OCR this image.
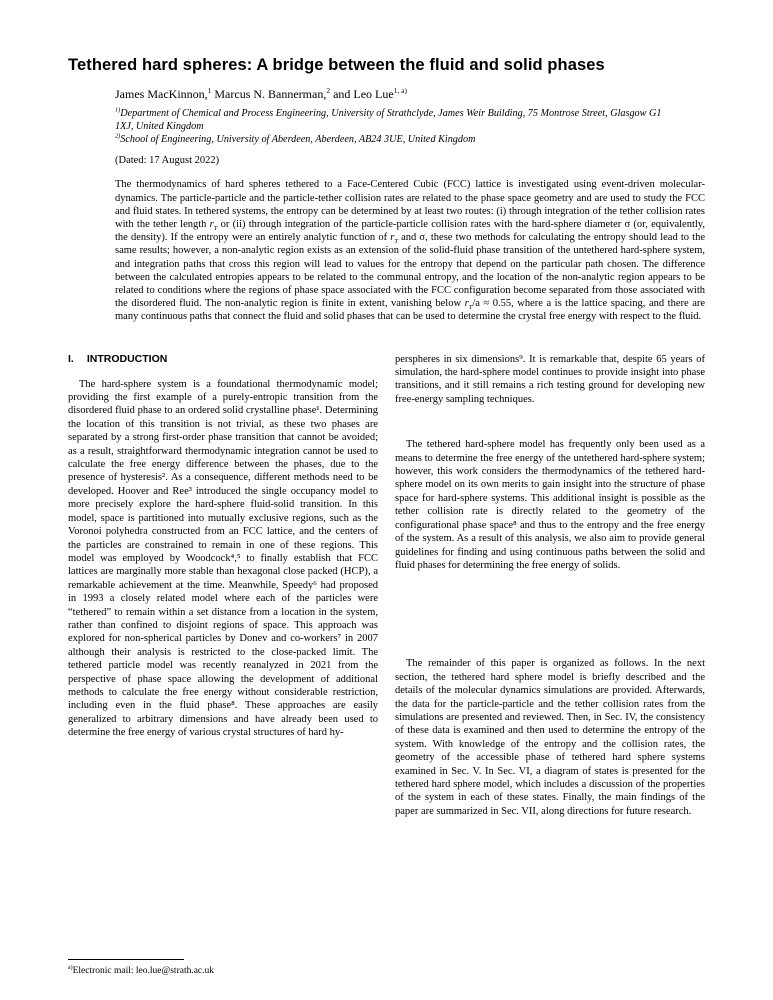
Tethered hard spheres: A bridge between the fluid and solid phases
James MacKinnon,$^1$ Marcus N. Bannerman,$^2$ and Leo Lue$^{1, a)}$
$^{1)}$Department of Chemical and Process Engineering, University of Strathclyde, James Weir Building, 75 Montrose Street, Glasgow G1 1XJ, United Kingdom
$^{2)}$School of Engineering, University of Aberdeen, Aberdeen, AB24 3UE, United Kingdom
(Dated: 17 August 2022)

The thermodynamics of hard spheres tethered to a Face-Centered Cubic (FCC) lattice is investigated using event-driven molecular-dynamics. The particle-particle and the particle-tether collision rates are related to the phase space geometry and are used to study the FCC and fluid states. In tethered systems, the entropy can be determined by at least two routes: (i) through integration of the tether collision rates with the tether length $r_T$ or (ii) through integration of the particle-particle collision rates with the hard-sphere diameter σ (or, equivalently, the density). If the entropy were an entirely analytic function of $r_T$ and σ, these two methods for calculating the entropy should lead to the same results; however, a non-analytic region exists as an extension of the solid-fluid phase transition of the untethered hard-sphere system, and integration paths that cross this region will lead to values for the entropy that depend on the particular path chosen. The difference between the calculated entropies appears to be related to the communal entropy, and the location of the non-analytic region appears to be related to conditions where the regions of phase space associated with the FCC configuration become separated from those associated with the disordered fluid. The non-analytic region is finite in extent, vanishing below $r_T/a \approx 0.55$, where a is the lattice spacing, and there are many continuous paths that connect the fluid and solid phases that can be used to determine the crystal free energy with respect to the fluid.

I. INTRODUCTION

The hard-sphere system is a foundational thermodynamic model; providing the first example of a purely-entropic transition from the disordered fluid phase to an ordered solid crystalline phase¹. Determining the location of this transition is not trivial, as these two phases are separated by a strong first-order phase transition that cannot be avoided; as a result, straightforward thermodynamic integration cannot be used to calculate the free energy difference between the phases, due to the presence of hysteresis². As a consequence, different methods need to be developed. Hoover and Ree³ introduced the single occupancy model to more precisely explore the hard-sphere fluid-solid transition. In this model, space is partitioned into mutually exclusive regions, such as the Voronoi polyhedra constructed from an FCC lattice, and the centers of the particles are constrained to remain in one of these regions. This model was employed by Woodcock⁴,⁵ to finally establish that FCC lattices are marginally more stable than hexagonal close packed (HCP), a remarkable achievement at the time. Meanwhile, Speedy⁶ had proposed in 1993 a closely related model where each of the particles were “tethered” to remain within a set distance from a location in the system, rather than confined to disjoint regions of space. This approach was explored for non-spherical particles by Donev and co-workers⁷ in 2007 although their analysis is restricted to the close-packed limit. The tethered particle model was recently reanalyzed in 2021 from the perspective of phase space allowing the development of additional methods to calculate the free energy without considerable restriction, including even in the fluid phase⁸. These approaches are easily generalized to arbitrary dimensions and have already been used to determine the free energy of various crystal structures of hard hy-

perspheres in six dimensions⁹. It is remarkable that, despite 65 years of simulation, the hard-sphere model continues to provide insight into phase transitions, and it still remains a rich testing ground for developing new free-energy sampling techniques.

The tethered hard-sphere model has frequently only been used as a means to determine the free energy of the untethered hard-sphere system; however, this work considers the thermodynamics of the tethered hard-sphere model on its own merits to gain insight into the structure of phase space for hard-sphere systems. This additional insight is possible as the tether collision rate is directly related to the geometry of the configurational phase space⁸ and thus to the entropy and the free energy of the system. As a result of this analysis, we also aim to provide general guidelines for finding and using continuous paths between the solid and fluid phases for determining the free energy of solids.

The remainder of this paper is organized as follows. In the next section, the tethered hard sphere model is briefly described and the details of the molecular dynamics simulations are provided. Afterwards, the data for the particle-particle and the tether collision rates from the simulations are presented and reviewed. Then, in Sec. IV, the consistency of these data is examined and then used to determine the entropy of the system. With knowledge of the entropy and the collision rates, the geometry of the accessible phase of tethered hard sphere systems examined in Sec. V. In Sec. VI, a diagram of states is presented for the tethered hard sphere model, which includes a discussion of the properties of the system in each of these states. Finally, the main findings of the paper are summarized in Sec. VII, along directions for future research.

$^{a)}$Electronic mail: leo.lue@strath.ac.uk
